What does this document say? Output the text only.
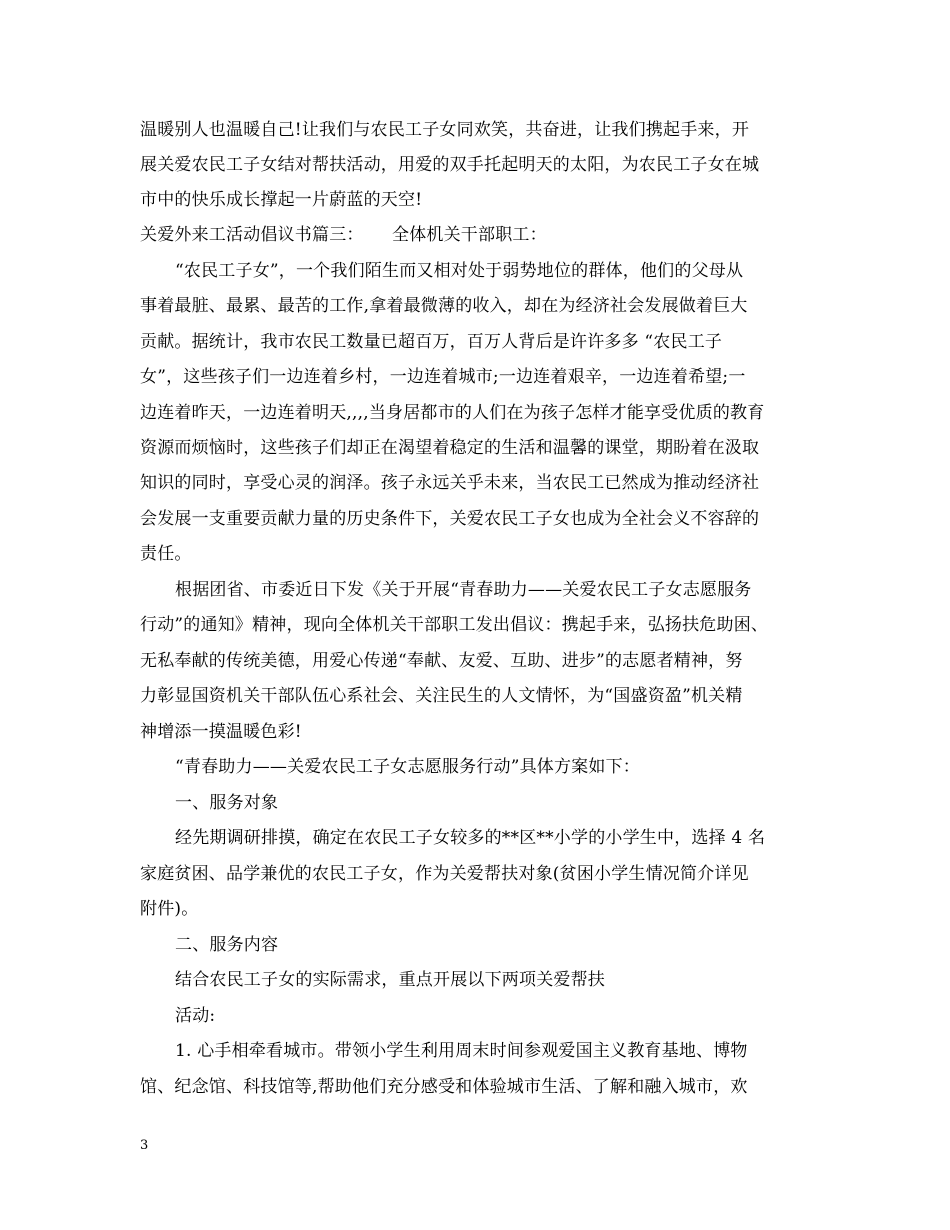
温暖别人也温暖自己!让我们与农民工子女同欢笑，共奋进，让我们携起手来，开
展关爱农民工子女结对帮扶活动，用爱的双手托起明天的太阳，为农民工子女在城
市中的快乐成长撑起一片蔚蓝的天空!
关爱外来工活动倡议书篇三： 全体机关干部职工：
“农民工子女”，一个我们陌生而又相对处于弱势地位的群体，他们的父母从
事着最脏、最累、最苦的工作,拿着最微薄的收入，却在为经济社会发展做着巨大
贡献。据统计，我市农民工数量已超百万，百万人背后是许许多多 “农民工子
女”，这些孩子们一边连着乡村，一边连着城市;一边连着艰辛，一边连着希望;一
边连着昨天，一边连着明天,,,,当身居都市的人们在为孩子怎样才能享受优质的教育
资源而烦恼时，这些孩子们却正在渴望着稳定的生活和温馨的课堂，期盼着在汲取
知识的同时，享受心灵的润泽。孩子永远关乎未来，当农民工已然成为推动经济社
会发展一支重要贡献力量的历史条件下，关爱农民工子女也成为全社会义不容辞的
责任。
根据团省、市委近日下发《关于开展“青春助力——关爱农民工子女志愿服务
行动”的通知》精神，现向全体机关干部职工发出倡议：携起手来，弘扬扶危助困、
无私奉献的传统美德，用爱心传递“奉献、友爱、互助、进步”的志愿者精神，努
力彰显国资机关干部队伍心系社会、关注民生的人文情怀，为“国盛资盈”机关精
神增添一摸温暖色彩!
“青春助力——关爱农民工子女志愿服务行动”具体方案如下：
一、服务对象
经先期调研排摸，确定在农民工子女较多的**区**小学的小学生中，选择 4 名
家庭贫困、品学兼优的农民工子女，作为关爱帮扶对象(贫困小学生情况简介详见
附件)。
二、服务内容
结合农民工子女的实际需求，重点开展以下两项关爱帮扶
活动:
1. 心手相牵看城市。带领小学生利用周末时间参观爱国主义教育基地、博物
馆、纪念馆、科技馆等,帮助他们充分感受和体验城市生活、了解和融入城市，欢
3
